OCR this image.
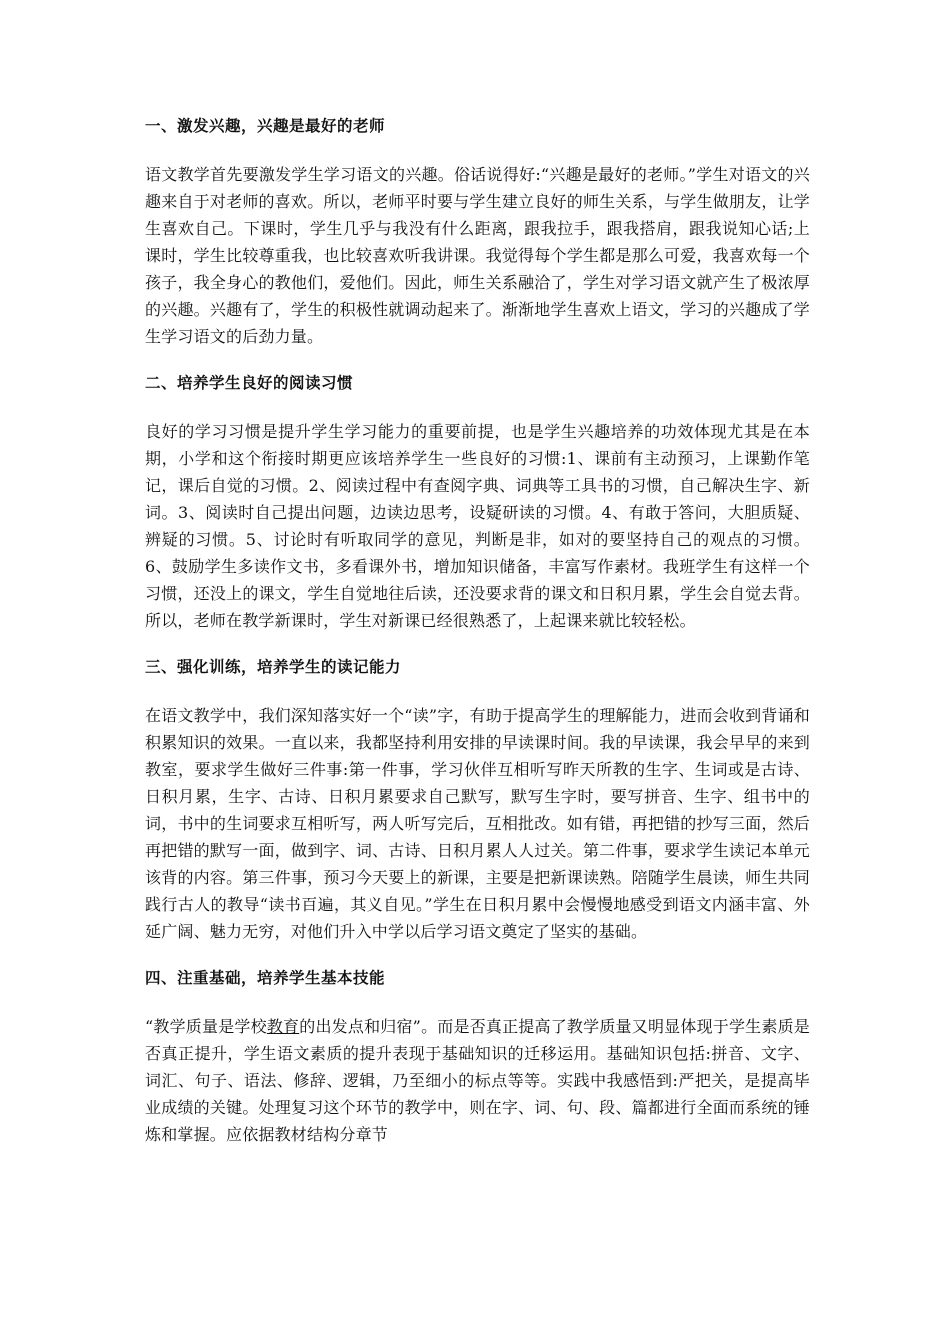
一、激发兴趣，兴趣是最好的老师

语文教学首先要激发学生学习语文的兴趣。俗话说得好:“兴趣是最好的老师。”学生对语文的兴趣来自于对老师的喜欢。所以，老师平时要与学生建立良好的师生关系，与学生做朋友，让学生喜欢自己。下课时，学生几乎与我没有什么距离，跟我拉手，跟我搭肩，跟我说知心话;上课时，学生比较尊重我，也比较喜欢听我讲课。我觉得每个学生都是那么可爱，我喜欢每一个孩子，我全身心的教他们，爱他们。因此，师生关系融洽了，学生对学习语文就产生了极浓厚的兴趣。兴趣有了，学生的积极性就调动起来了。渐渐地学生喜欢上语文，学习的兴趣成了学生学习语文的后劲力量。

二、培养学生良好的阅读习惯

良好的学习习惯是提升学生学习能力的重要前提，也是学生兴趣培养的功效体现尤其是在本期，小学和这个衔接时期更应该培养学生一些良好的习惯:1、课前有主动预习，上课勤作笔记，课后自觉的习惯。2、阅读过程中有查阅字典、词典等工具书的习惯，自己解决生字、新词。3、阅读时自己提出问题，边读边思考，设疑研读的习惯。4、有敢于答问，大胆质疑、辨疑的习惯。5、讨论时有听取同学的意见，判断是非，如对的要坚持自己的观点的习惯。6、鼓励学生多读作文书，多看课外书，增加知识储备，丰富写作素材。我班学生有这样一个习惯，还没上的课文，学生自觉地往后读，还没要求背的课文和日积月累，学生会自觉去背。所以，老师在教学新课时，学生对新课已经很熟悉了，上起课来就比较轻松。

三、强化训练，培养学生的读记能力

在语文教学中，我们深知落实好一个“读”字，有助于提高学生的理解能力，进而会收到背诵和积累知识的效果。一直以来，我都坚持利用安排的早读课时间。我的早读课，我会早早的来到教室，要求学生做好三件事:第一件事，学习伙伴互相听写昨天所教的生字、生词或是古诗、日积月累，生字、古诗、日积月累要求自己默写，默写生字时，要写拼音、生字、组书中的词，书中的生词要求互相听写，两人听写完后，互相批改。如有错，再把错的抄写三面，然后再把错的默写一面，做到字、词、古诗、日积月累人人过关。第二件事，要求学生读记本单元该背的内容。第三件事，预习今天要上的新课，主要是把新课读熟。陪随学生晨读，师生共同践行古人的教导“读书百遍，其义自见。”学生在日积月累中会慢慢地感受到语文内涵丰富、外延广阔、魅力无穷，对他们升入中学以后学习语文奠定了坚实的基础。

四、注重基础，培养学生基本技能

“教学质量是学校教育的出发点和归宿”。而是否真正提高了教学质量又明显体现于学生素质是否真正提升，学生语文素质的提升表现于基础知识的迁移运用。基础知识包括:拼音、文字、词汇、句子、语法、修辞、逻辑，乃至细小的标点等等。实践中我感悟到:严把关，是提高毕业成绩的关键。处理复习这个环节的教学中，则在字、词、句、段、篇都进行全面而系统的锤炼和掌握。应依据教材结构分章节
